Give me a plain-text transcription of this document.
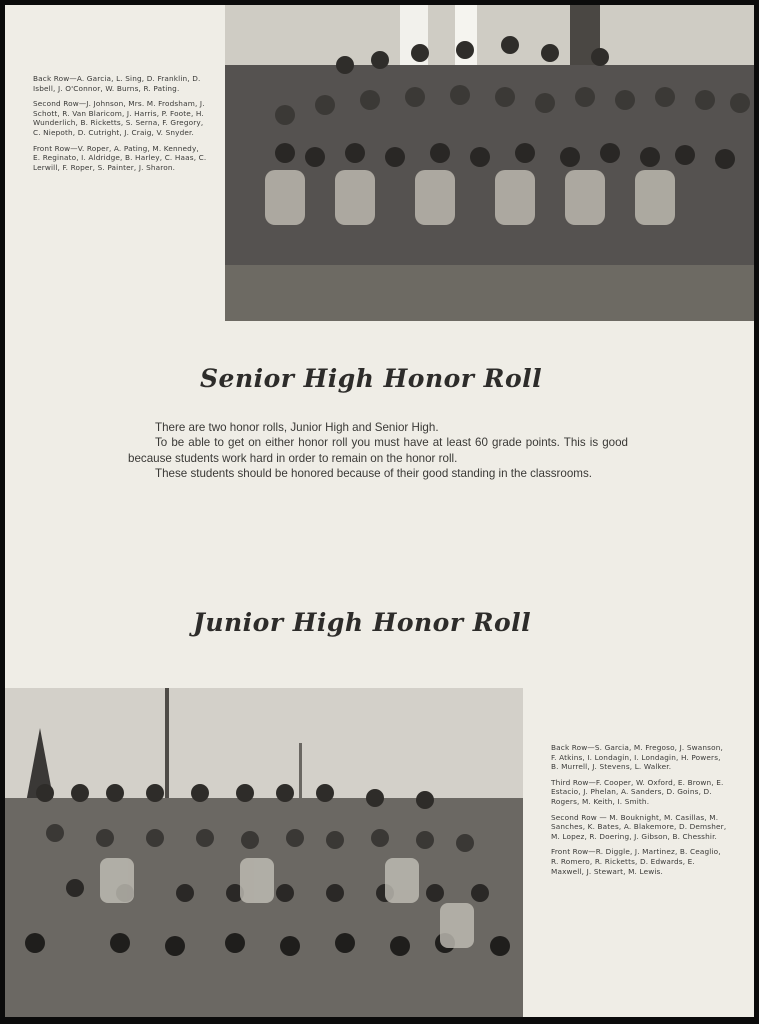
Back Row—A. Garcia, L. Sing, D. Franklin, D. Isbell, J. O'Connor, W. Burns, R. Pating.

Second Row—J. Johnson, Mrs. M. Frodsham, J. Schott, R. Van Blaricom, J. Harris, P. Foote, H. Wunderlich, B. Ricketts, S. Serna, F. Gregory, C. Niepoth, D. Cutright, J. Craig, V. Snyder.

Front Row—V. Roper, A. Pating, M. Kennedy, E. Reginato, I. Aldridge, B. Harley, C. Haas, C. Lerwill, F. Roper, S. Painter, J. Sharon.

Senior High Honor Roll

There are two honor rolls, Junior High and Senior High.

To be able to get on either honor roll you must have at least 60 grade points. This is good because students work hard in order to remain on the honor roll.

These students should be honored because of their good standing in the classrooms.

Junior High Honor Roll

Back Row—S. Garcia, M. Fregoso, J. Swanson, F. Atkins, I. Londagin, I. Londagin, H. Powers, B. Murrell, J. Stevens, L. Walker.

Third Row—F. Cooper, W. Oxford, E. Brown, E. Estacio, J. Phelan, A. Sanders, D. Goins, D. Rogers, M. Keith, I. Smith.

Second Row — M. Bouknight, M. Casillas, M. Sanches, K. Bates, A. Blakemore, D. Demsher, M. Lopez, R. Doering, J. Gibson, B. Chesshir.

Front Row—R. Diggle, J. Martinez, B. Ceaglio, R. Romero, R. Ricketts, D. Edwards, E. Maxwell, J. Stewart, M. Lewis.
